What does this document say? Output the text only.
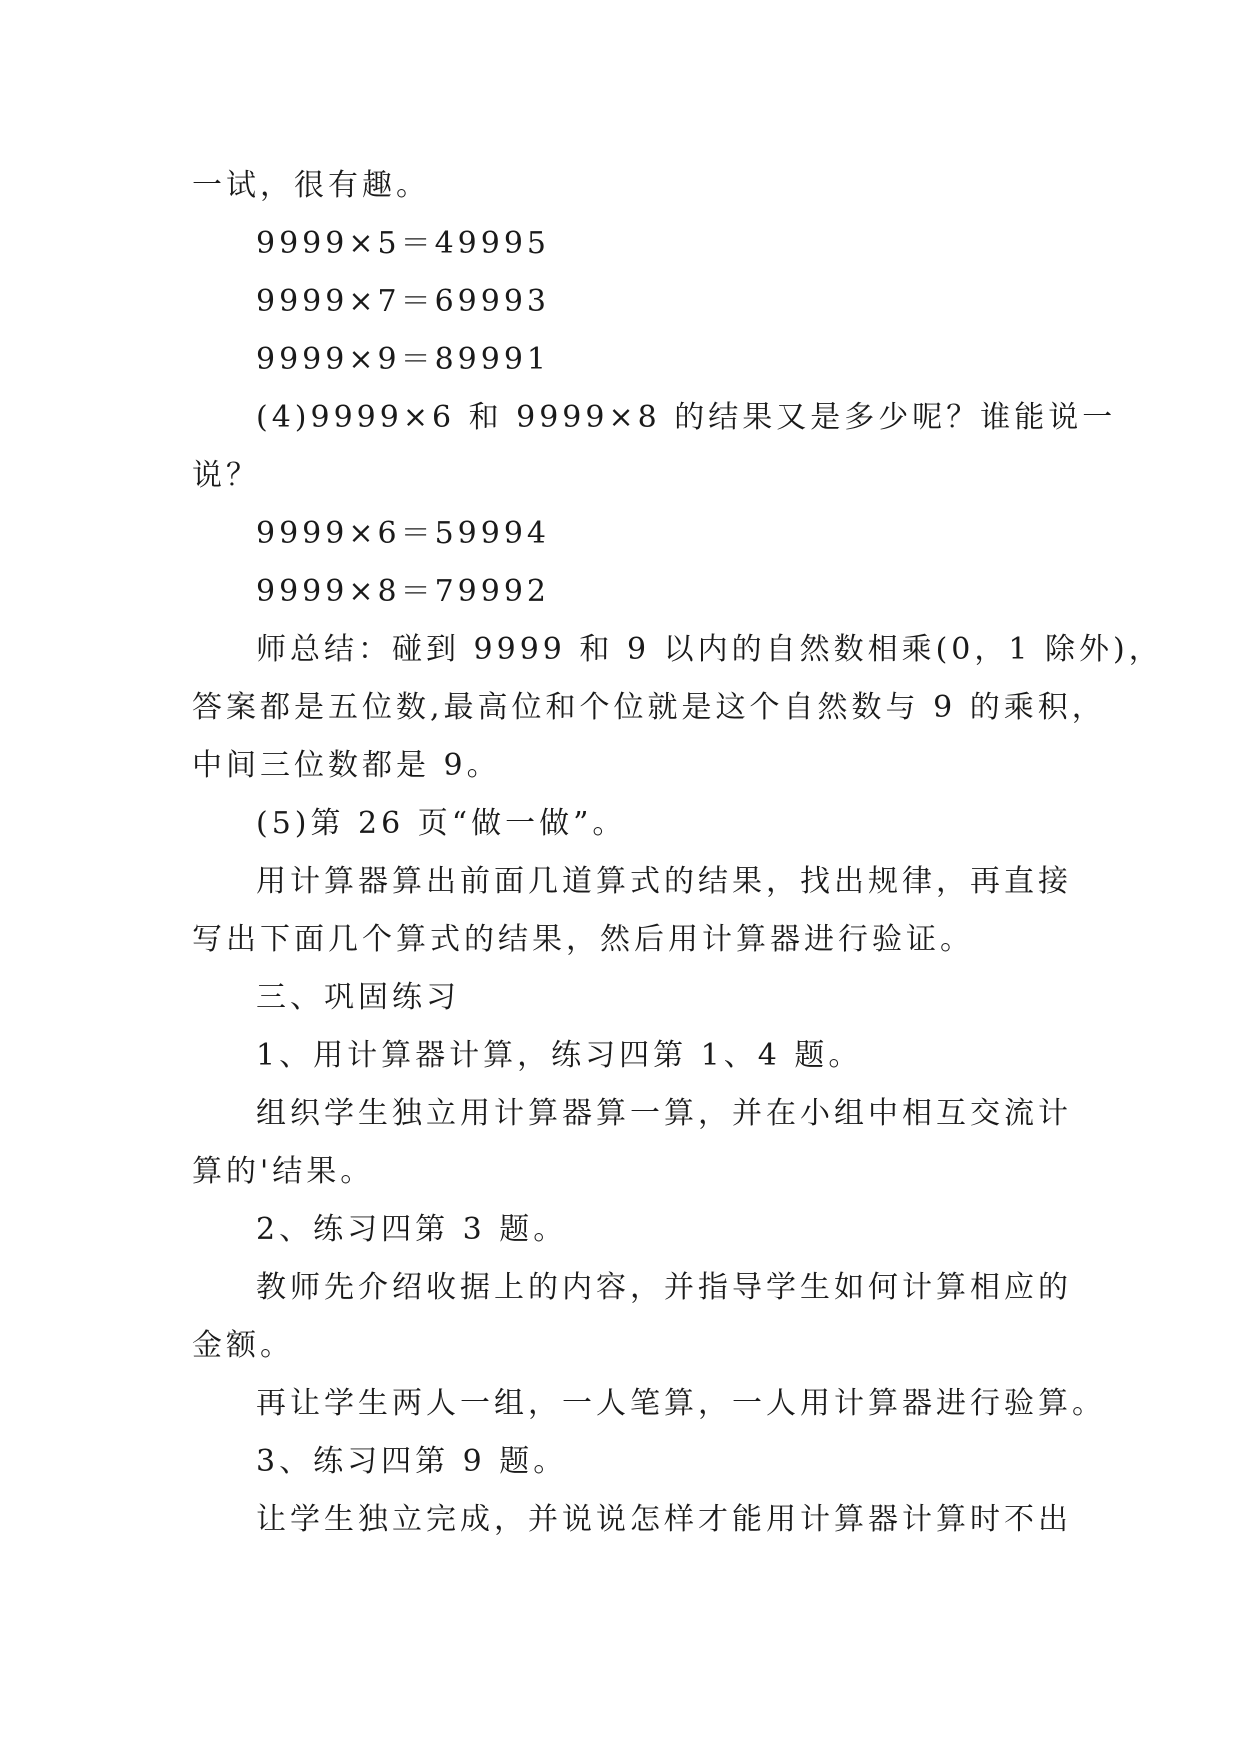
一试，很有趣。
9999×5＝49995
9999×7＝69993
9999×9＝89991
(4)9999×6 和 9999×8 的结果又是多少呢？谁能说一
说？
9999×6＝59994
9999×8＝79992
师总结：碰到 9999 和 9 以内的自然数相乘(0，1 除外)，
答案都是五位数,最高位和个位就是这个自然数与 9 的乘积，
中间三位数都是 9。
(5)第 26 页“做一做”。
用计算器算出前面几道算式的结果，找出规律，再直接
写出下面几个算式的结果，然后用计算器进行验证。
三、巩固练习
1、用计算器计算，练习四第 1、4 题。
组织学生独立用计算器算一算，并在小组中相互交流计
算的'结果。
2、练习四第 3 题。
教师先介绍收据上的内容，并指导学生如何计算相应的
金额。
再让学生两人一组，一人笔算，一人用计算器进行验算。
3、练习四第 9 题。
让学生独立完成，并说说怎样才能用计算器计算时不出
